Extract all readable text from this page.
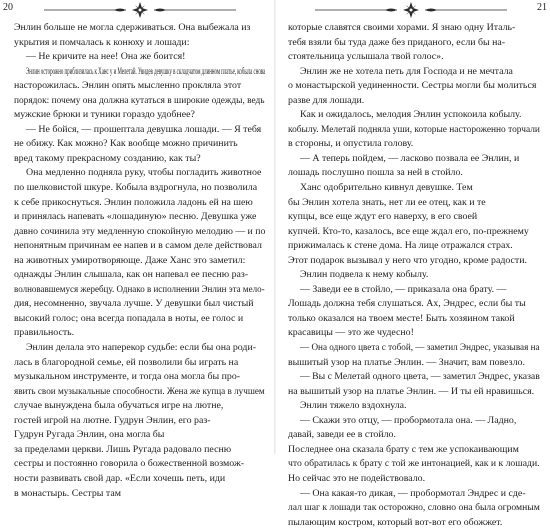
20
Энлин больше не могла сдерживаться. Она выбежала из
укрытия и помчалась к конюху и лошади:
— Не кричите на нее! Она же боится!
Энлин осторожно приблизилась к Ханс у и Мелетай. Увидев девушку в складчатом длинном платье, кобыла снова
насторожилась. Энлин опять мысленно прокляла этот
порядок: почему она должна кутаться в широкие одежды, ведь
мужские брюки и туники гораздо удобнее?
— Не бойся, — прошептала девушка лошади. — Я тебя
не обижу. Как можно? Как вообще можно причинить
вред такому прекрасному созданию, как ты?
Она медленно подняла руку, чтобы погладить животное
по шелковистой шкуре. Кобыла вздрогнула, но позволила
к себе прикоснуться. Энлин положила ладонь ей на шею
и принялась напевать «лошадиную» песню. Девушка уже
давно сочинила эту медленную спокойную мелодию — и по
непонятным причинам ее напев и в самом деле действовал
на животных умиротворяюще. Даже Ханс это заметил:
однажды Энлин слышала, как он напевал ее песню раз-
волновавшемуся жеребцу. Однако в исполнении Энлин эта мело-
дия, несомненно, звучала лучше. У девушки был чистый
высокий голос; она всегда попадала в ноты, ее голос и
правильность.
Энлин делала это наперекор судьбе: если бы она роди-
лась в благородной семье, ей позволили бы играть на
музыкальном инструменте, и тогда она могла бы про-
явить свои музыкальные способности. Жена же купца в лучшем
случае вынуждена была обучаться игре на лютне,
гостей игрой на лютне. Гудрун Энлин, его раз-
Гудрун Ругада Энлин, она могла бы
за пределами церкви. Лишь Ругада радовало песню
сестры и постоянно говорила о божественной возмож-
ности развивать свой дар. «Если хочешь петь, иди
в монастырь. Сестры там
21
которые славятся своими хорами. Я знаю одну Италь-
тебя взяли бы туда даже без приданого, если бы на-
стоятельница услышала твой голос».
Энлин же не хотела петь для Господа и не мечтала
о монастырской уединенности. Сестры могли бы молиться
разве для лошади.
Как и ожидалось, мелодия Энлин успокоила кобылу.
кобылу. Мелетай подняла уши, которые настороженно торчали
в стороны, и опустила голову.
— А теперь пойдем, — ласково позвала ее Энлин, и
лошадь послушно пошла за ней в стойло.
Ханс одобрительно кивнул девушке. Тем
бы Энлин хотела знать, нет ли ее отец, как и те
купцы, все еще ждут его наверху, в его своей
купчей. Кто-то, казалось, все еще ждал его, по-прежнему
прижималась к стене дома. На лице отражался страх.
Этот подарок вызывал у него что угодно, кроме радости.
Энлин подвела к нему кобылу.
— Заведи ее в стойло, — приказала она брату. —
Лошадь должна тебя слушаться. Ах, Эндрес, если бы ты
только оказался на твоем месте! Быть хозяином такой
красавицы — это же чудесно!
— Она одного цвета с тобой, — заметил Эндрес, указывая на
вышитый узор на платье Энлин. — Значит, вам повезло.
— Вы с Мелетай одного цвета, — заметил Эндрес, указав
на вышитый узор на платье Энлин. — И ты ей нравишься.
Энлин тяжело вздохнула.
— Скажи это отцу, — пробормотала она. — Ладно,
давай, заведи ее в стойло.
Последнее она сказала брату с тем же успокаивающим
что обратилась к брату с той же интонацией, как и к лошади.
Но сейчас это не подействовало.
— Она какая-то дикая, — пробормотал Эндрес и сде-
лал шаг к лошади так осторожно, словно она была огромным
пылающим костром, который вот-вот его обожжет.
